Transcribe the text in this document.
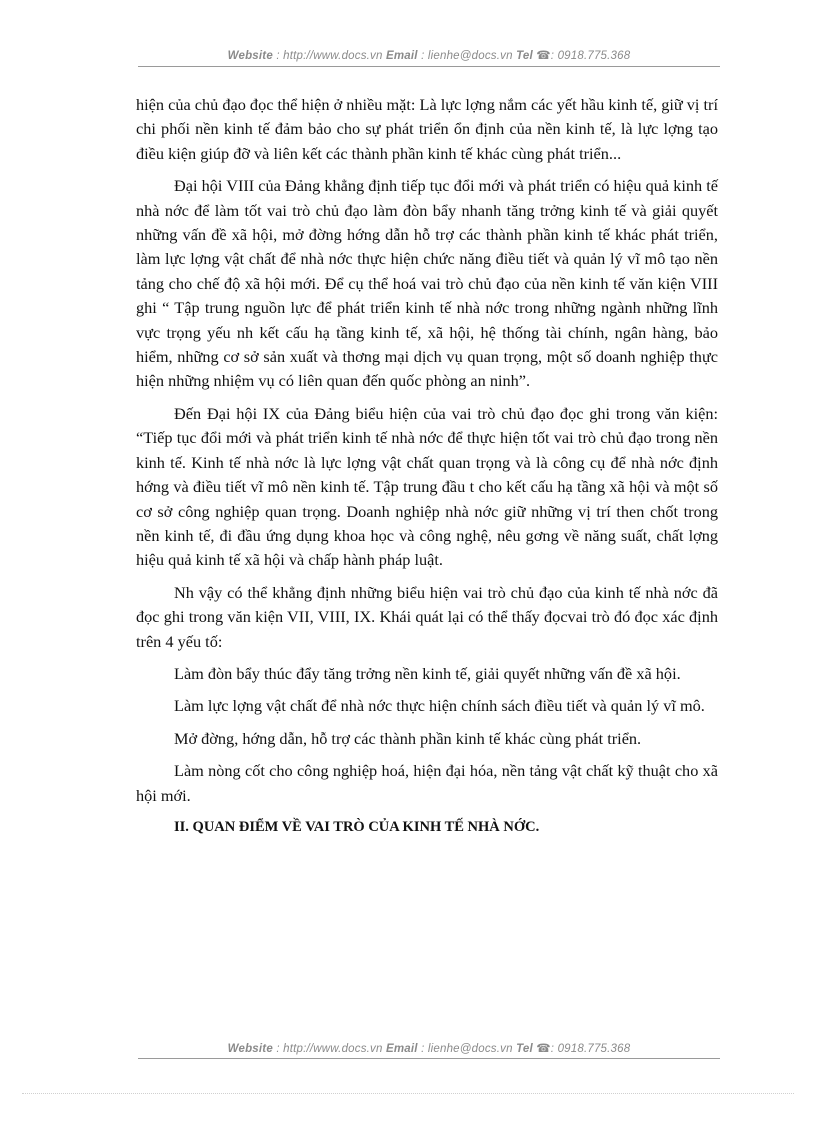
Website : http://www.docs.vn Email : lienhe@docs.vn Tel ☎: 0918.775.368

hiện của chủ đạo đọc thể hiện ở nhiều mặt: Là lực lợng nắm các yết hầu kinh tế, giữ vị trí chi phối nền kinh tế đảm bảo cho sự phát triển ổn định của nền kinh tế, là lực lợng tạo điều kiện giúp đỡ và liên kết các thành phần kinh tế khác cùng phát triển...

Đại hội VIII của Đảng khẳng định tiếp tục đổi mới và phát triển có hiệu quả kinh tế nhà nớc để làm tốt vai trò chủ đạo làm đòn bẩy nhanh tăng trởng kinh tế và giải quyết những vấn đề xã hội, mở đờng hớng dẫn hỗ trợ các thành phần kinh tế khác phát triển, làm lực lợng vật chất để nhà nớc thực hiện chức năng điều tiết và quản lý vĩ mô tạo nền tảng cho chế độ xã hội mới. Để cụ thể hoá vai trò chủ đạo của nền kinh tế văn kiện VIII ghi “ Tập trung nguồn lực để phát triển kinh tế nhà nớc trong những ngành những lĩnh vực trọng yếu nh kết cấu hạ tầng kinh tế, xã hội, hệ thống tài chính, ngân hàng, bảo hiểm, những cơ sở sản xuất và thơng mại dịch vụ quan trọng, một số doanh nghiệp thực hiện những nhiệm vụ có liên quan đến quốc phòng an ninh”.

Đến Đại hội IX của Đảng biểu hiện của vai trò chủ đạo đọc ghi trong văn kiện: “Tiếp tục đổi mới và phát triển kinh tế nhà nớc để thực hiện tốt vai trò chủ đạo trong nền kinh tế. Kinh tế nhà nớc là lực lợng vật chất quan trọng và là công cụ để nhà nớc định hớng và điều tiết vĩ mô nền kinh tế. Tập trung đầu t cho kết cấu hạ tầng xã hội và một số cơ sở công nghiệp quan trọng. Doanh nghiệp nhà nớc giữ những vị trí then chốt trong nền kinh tế, đi đầu ứng dụng khoa học và công nghệ, nêu gơng về năng suất, chất lợng hiệu quả kinh tế xã hội và chấp hành pháp luật.

Nh vậy có thể khẳng định những biểu hiện vai trò chủ đạo của kinh tế nhà nớc đã đọc ghi trong văn kiện VII, VIII, IX. Khái quát lại có thể thấy đọcvai trò đó đọc xác định trên 4 yếu tố:

Làm đòn bẩy thúc đẩy tăng trởng nền kinh tế, giải quyết những vấn đề xã hội.

Làm lực lợng vật chất để nhà nớc thực hiện chính sách điều tiết và quản lý vĩ mô.

Mở đờng, hớng dẫn, hỗ trợ các thành phần kinh tế khác cùng phát triển.

Làm nòng cốt cho công nghiệp hoá, hiện đại hóa, nền tảng vật chất kỹ thuật cho xã hội mới.

II. QUAN ĐIỂM VỀ VAI TRÒ CỦA KINH TẾ NHÀ NỚC.
Website : http://www.docs.vn Email : lienhe@docs.vn Tel ☎: 0918.775.368
